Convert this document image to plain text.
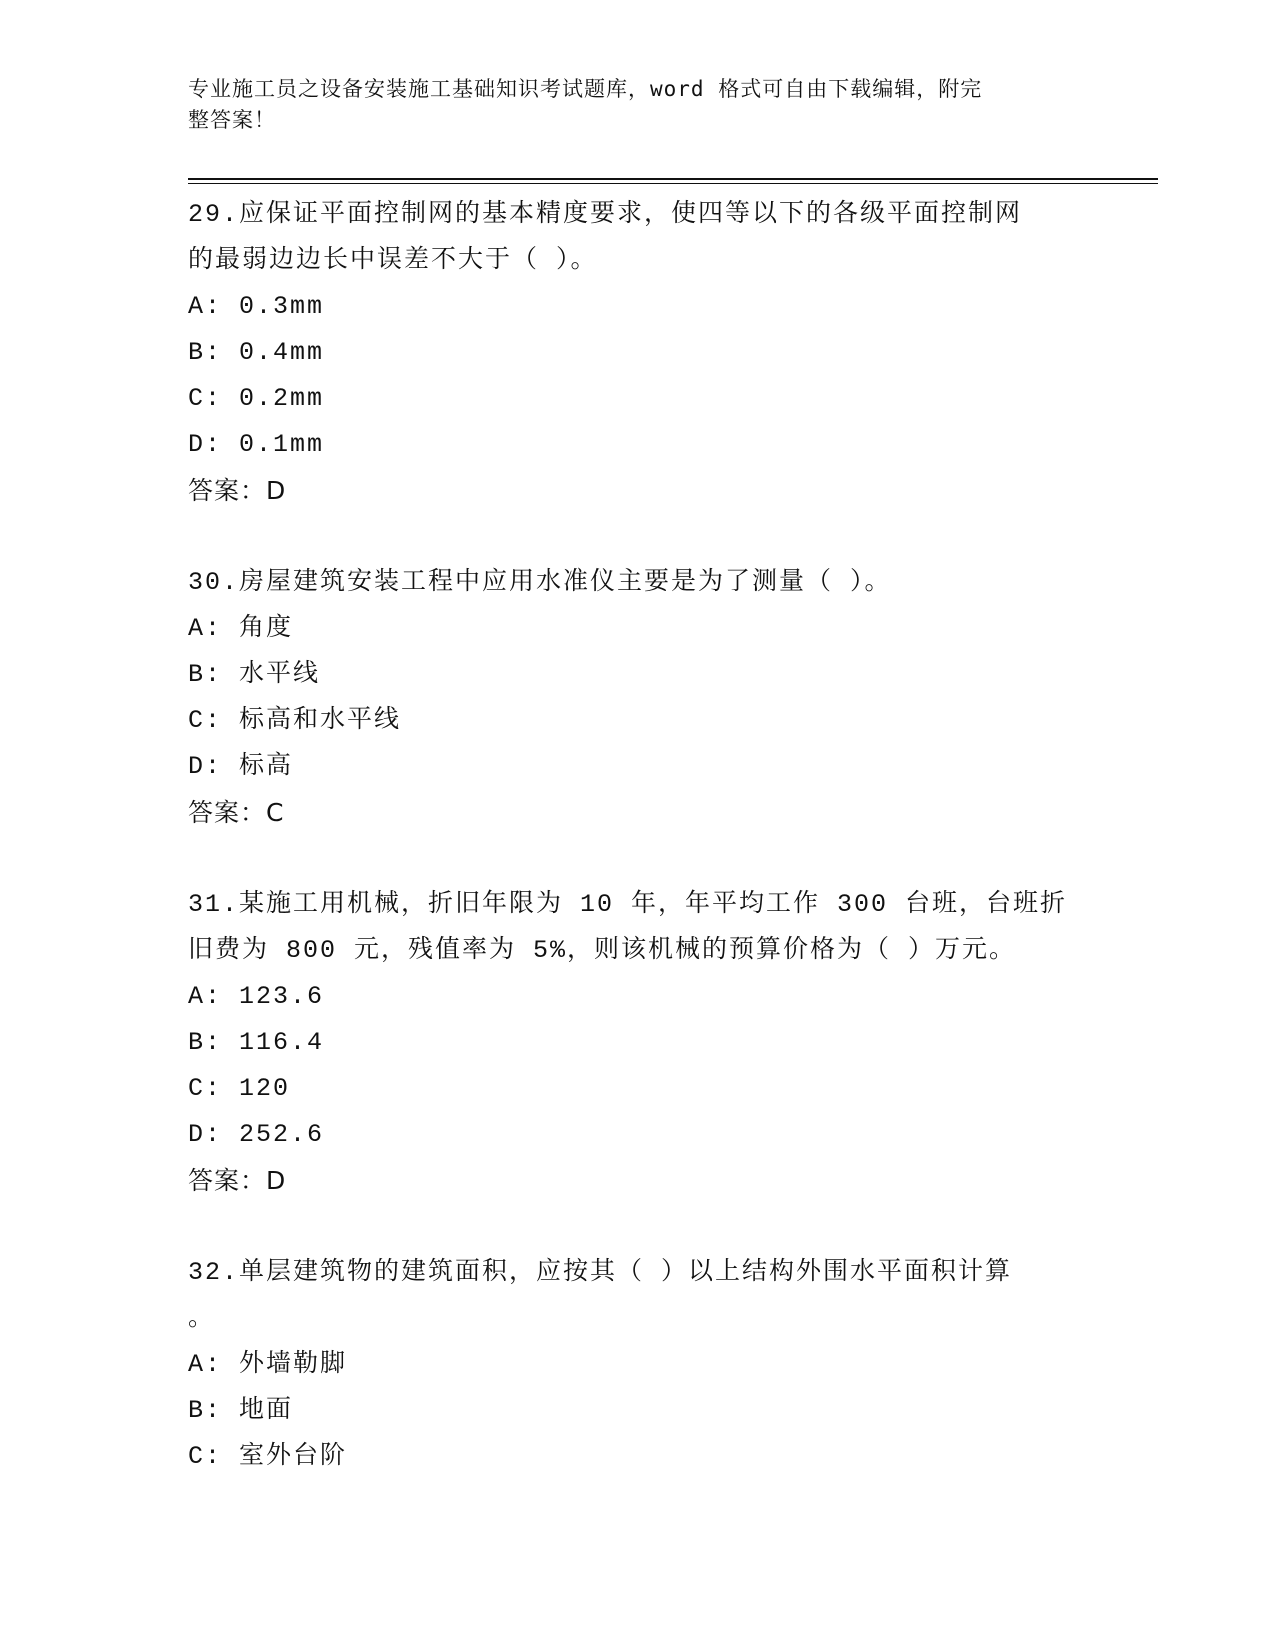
专业施工员之设备安装施工基础知识考试题库，word 格式可自由下载编辑，附完
整答案！
29.应保证平面控制网的基本精度要求，使四等以下的各级平面控制网
的最弱边边长中误差不大于（ ）。
A: 0.3mm
B: 0.4mm
C: 0.2mm
D: 0.1mm
答案：D
30.房屋建筑安装工程中应用水准仪主要是为了测量（ ）。
A: 角度
B: 水平线
C: 标高和水平线
D: 标高
答案：C
31.某施工用机械，折旧年限为 10 年，年平均工作 300 台班，台班折
旧费为 800 元，残值率为 5%，则该机械的预算价格为（ ）万元。
A: 123.6
B: 116.4
C: 120
D: 252.6
答案：D
32.单层建筑物的建筑面积，应按其（ ）以上结构外围水平面积计算
。
A: 外墙勒脚
B: 地面
C: 室外台阶
